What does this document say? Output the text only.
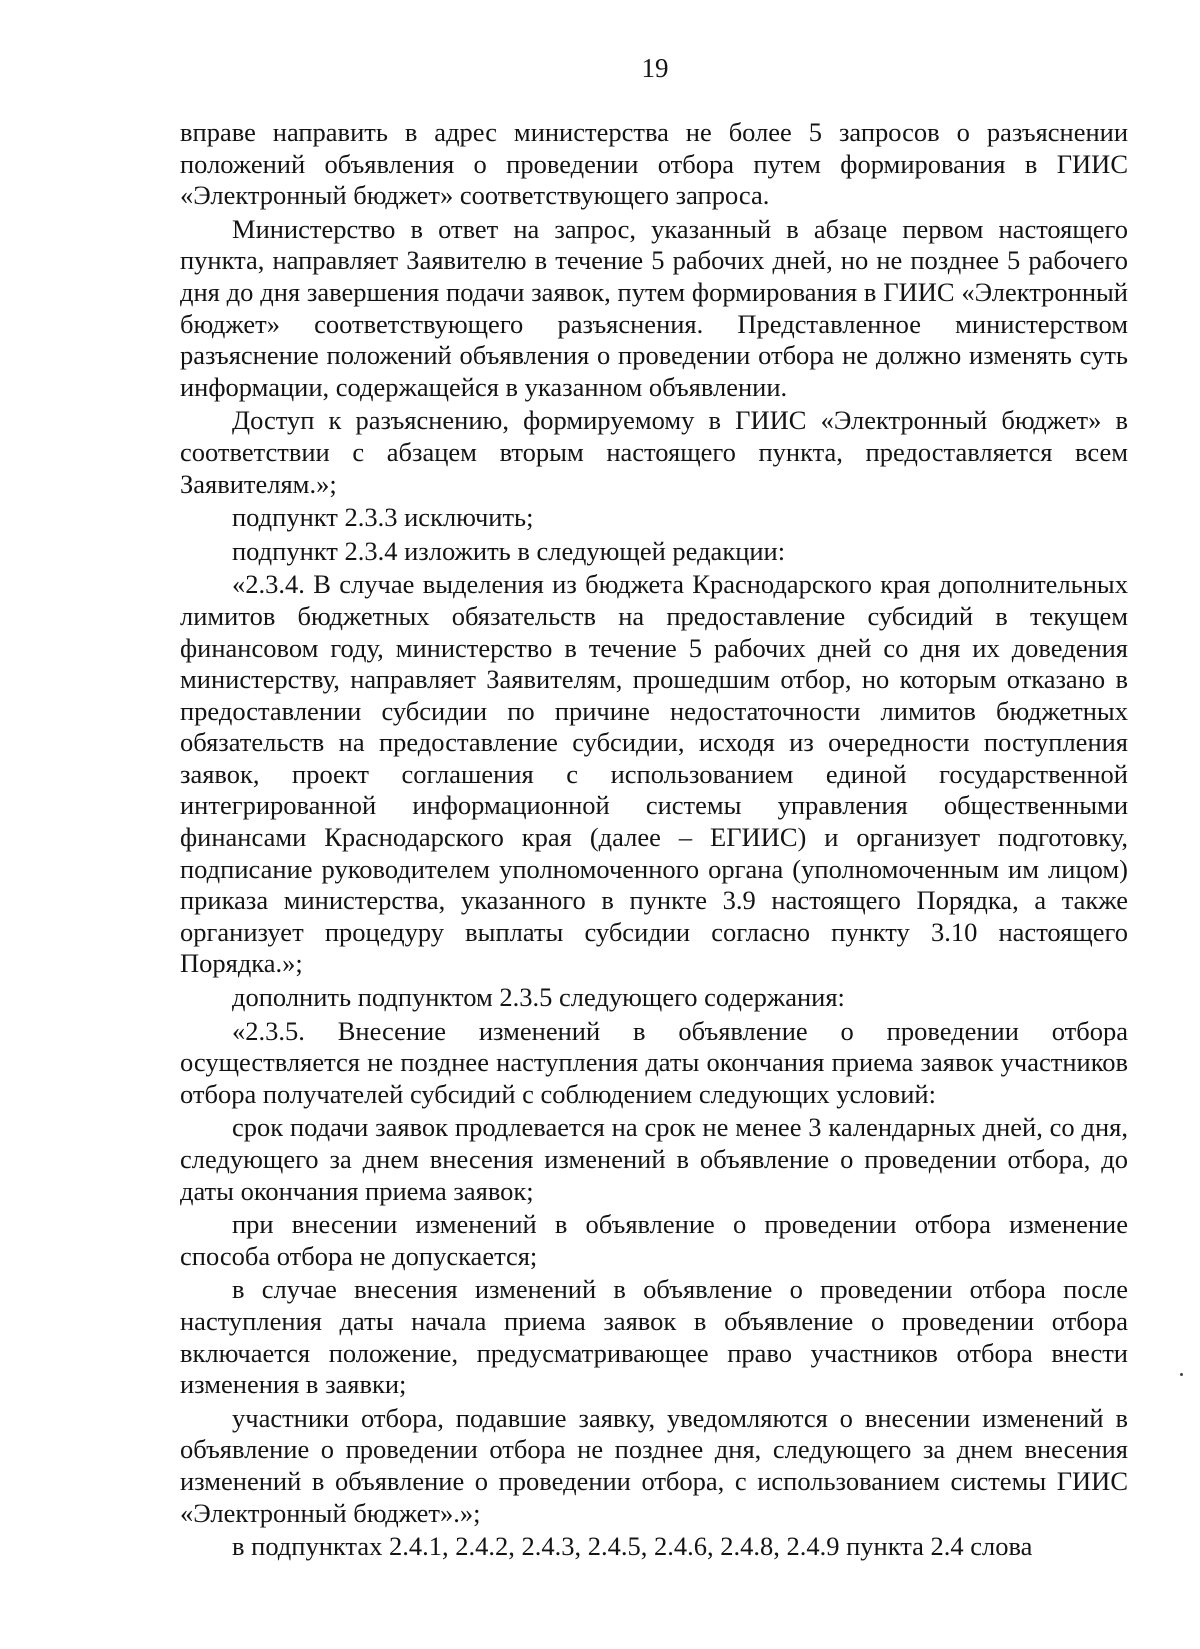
19

вправе направить в адрес министерства не более 5 запросов о разъяснении положений объявления о проведении отбора путем формирования в ГИИС «Электронный бюджет» соответствующего запроса.

Министерство в ответ на запрос, указанный в абзаце первом настоящего пункта, направляет Заявителю в течение 5 рабочих дней, но не позднее 5 рабочего дня до дня завершения подачи заявок, путем формирования в ГИИС «Электронный бюджет» соответствующего разъяснения. Представленное министерством разъяснение положений объявления о проведении отбора не должно изменять суть информации, содержащейся в указанном объявлении.

Доступ к разъяснению, формируемому в ГИИС «Электронный бюджет» в соответствии с абзацем вторым настоящего пункта, предоставляется всем Заявителям.»;

подпункт 2.3.3 исключить;

подпункт 2.3.4 изложить в следующей редакции:

«2.3.4. В случае выделения из бюджета Краснодарского края дополнительных лимитов бюджетных обязательств на предоставление субсидий в текущем финансовом году, министерство в течение 5 рабочих дней со дня их доведения министерству, направляет Заявителям, прошедшим отбор, но которым отказано в предоставлении субсидии по причине недостаточности лимитов бюджетных обязательств на предоставление субсидии, исходя из очередности поступления заявок, проект соглашения с использованием единой государственной интегрированной информационной системы управления общественными финансами Краснодарского края (далее – ЕГИИС) и организует подготовку, подписание руководителем уполномоченного органа (уполномоченным им лицом) приказа министерства, указанного в пункте 3.9 настоящего Порядка, а также организует процедуру выплаты субсидии согласно пункту 3.10 настоящего Порядка.»;

дополнить подпунктом 2.3.5 следующего содержания:

«2.3.5. Внесение изменений в объявление о проведении отбора осуществляется не позднее наступления даты окончания приема заявок участников отбора получателей субсидий с соблюдением следующих условий:

срок подачи заявок продлевается на срок не менее 3 календарных дней, со дня, следующего за днем внесения изменений в объявление о проведении отбора, до даты окончания приема заявок;

при внесении изменений в объявление о проведении отбора изменение способа отбора не допускается;

в случае внесения изменений в объявление о проведении отбора после наступления даты начала приема заявок в объявление о проведении отбора включается положение, предусматривающее право участников отбора внести изменения в заявки;

участники отбора, подавшие заявку, уведомляются о внесении изменений в объявление о проведении отбора не позднее дня, следующего за днем внесения изменений в объявление о проведении отбора, с использованием системы ГИИС «Электронный бюджет».»;

в подпунктах 2.4.1, 2.4.2, 2.4.3, 2.4.5, 2.4.6, 2.4.8, 2.4.9 пункта 2.4 слова
